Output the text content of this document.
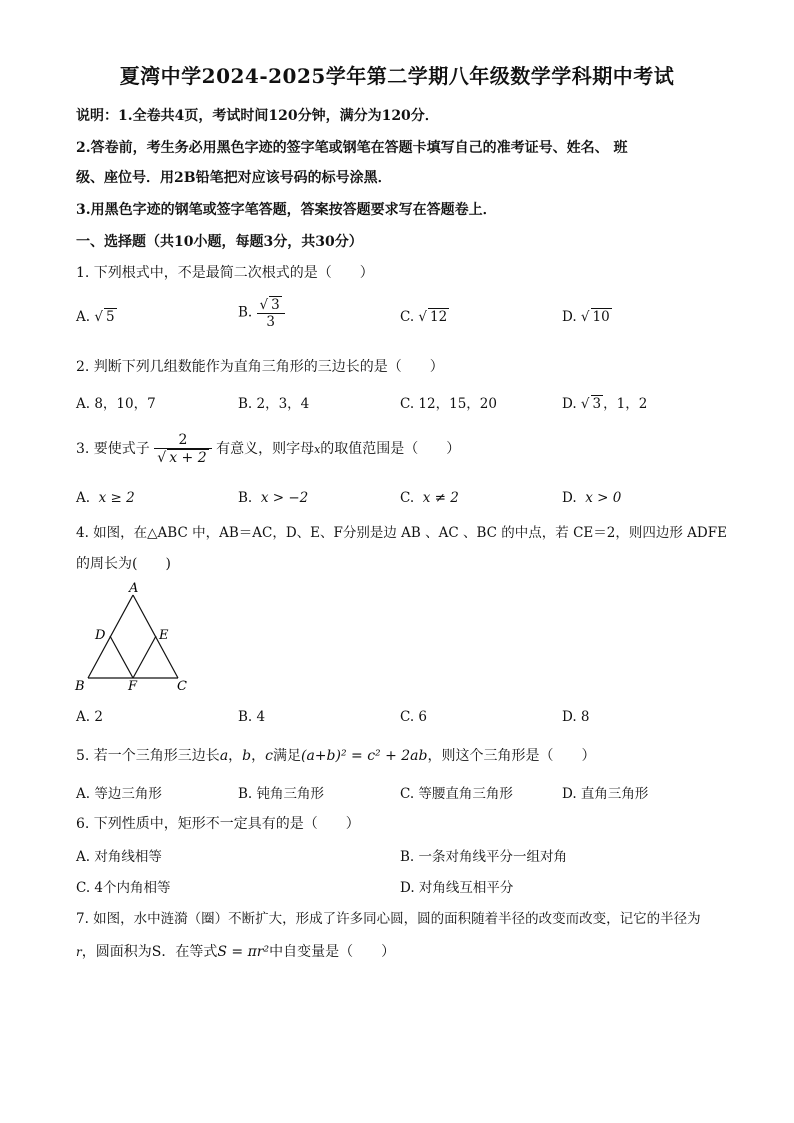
夏湾中学2024-2025学年第二学期八年级数学学科期中考试
说明：1.全卷共4页，考试时间120分钟，满分为120分．
2.答卷前，考生务必用黑色字迹的签字笔或钢笔在答题卡填写自己的准考证号、姓名、 班
级、座位号．用2B铅笔把对应该号码的标号涂黑．
3.用黑色字迹的钢笔或签字笔答题，答案按答题要求写在答题卷上．
一、选择题（共10小题，每题3分，共30分）
1. 下列根式中，不是最简二次根式的是（　　）
A. √ 5	B. $\frac{√ 3}{3}$	C. √ 12	D. √ 10
2. 判断下列几组数能作为直角三角形的三边长的是（　　）
A. 8，10，7	B. 2，3，4	C. 12，15，20	D. √ 3 ，1，2
3. 要使式子 $\frac{2}{√ x + 2}$ 有意义，则字母x的取值范围是（　　）
A. x ≥ 2	B. x > −2	C. x ≠ 2	D. x > 0
4. 如图，在△ABC 中，AB＝AC，D、E、F分别是边 AB 、AC 、BC 的中点，若 CE＝2，则四边形 ADFE
的周长为(　　)
A
D	E
B	F	C
A. 2	B. 4	C. 6	D. 8
5. 若一个三角形三边长a，b，c满足(a+b)² = c² + 2ab，则这个三角形是（　　）
A. 等边三角形	B. 钝角三角形	C. 等腰直角三角形	D. 直角三角形
6. 下列性质中，矩形不一定具有的是（　　）
A. 对角线相等	B. 一条对角线平分一组对角
C. 4个内角相等	D. 对角线互相平分
7. 如图，水中涟漪（圈）不断扩大，形成了许多同心圆，圆的面积随着半径的改变而改变，记它的半径为
r，圆面积为S．在等式S = πr²中自变量是（　　）
